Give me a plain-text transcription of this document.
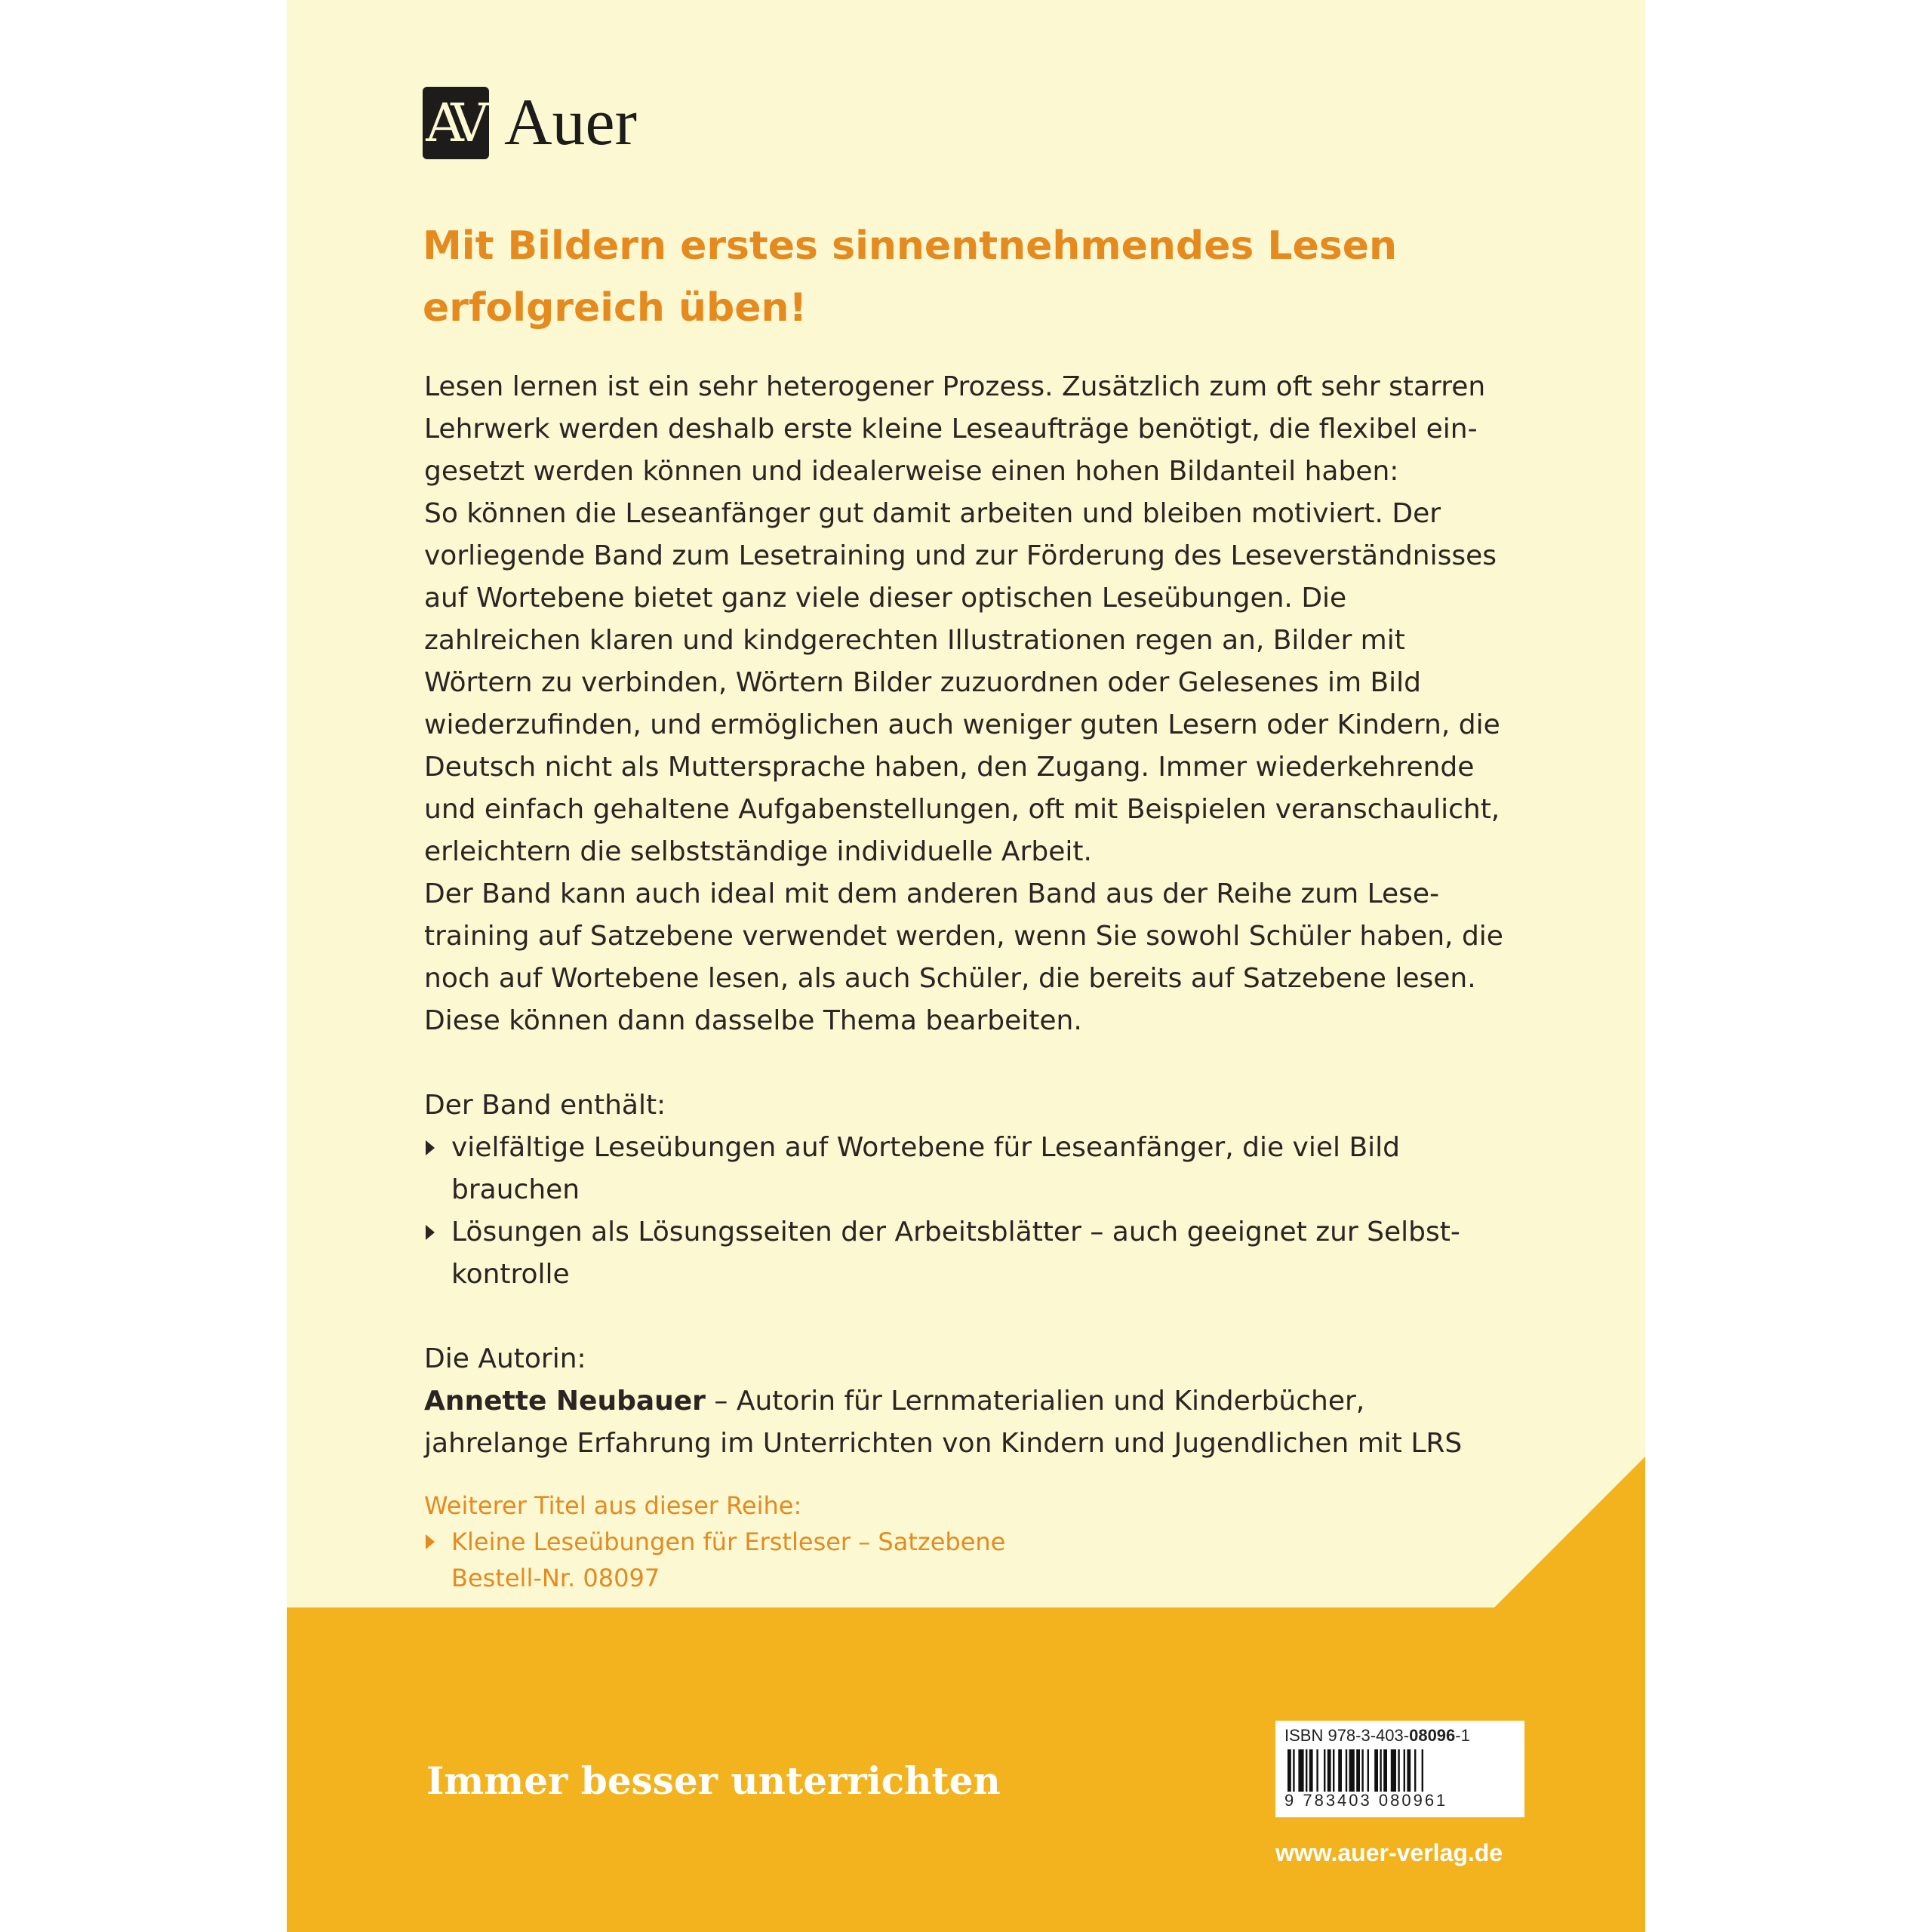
AV Auer
Mit Bildern erstes sinnentnehmendes Lesen erfolgreich üben!

Lesen lernen ist ein sehr heterogener Prozess. Zusätzlich zum oft sehr starren Lehrwerk werden deshalb erste kleine Leseaufträge benötigt, die flexibel eingesetzt werden können und idealerweise einen hohen Bildanteil haben:

So können die Leseanfänger gut damit arbeiten und bleiben motiviert. Der vorliegende Band zum Lesetraining und zur Förderung des Leseverständnisses auf Wortebene bietet ganz viele dieser optischen Leseübungen. Die zahlreichen klaren und kindgerechten Illustrationen regen an, Bilder mit Wörtern zu verbinden, Wörtern Bilder zuzuordnen oder Gelesenes im Bild wiederzufinden, und ermöglichen auch weniger guten Lesern oder Kindern, die Deutsch nicht als Muttersprache haben, den Zugang. Immer wiederkehrende und einfach gehaltene Aufgabenstellungen, oft mit Beispielen veranschaulicht, erleichtern die selbstständige individuelle Arbeit.

Der Band kann auch ideal mit dem anderen Band aus der Reihe zum Lesetraining auf Satzebene verwendet werden, wenn Sie sowohl Schüler haben, die noch auf Wortebene lesen, als auch Schüler, die bereits auf Satzebene lesen. Diese können dann dasselbe Thema bearbeiten.

Der Band enthält:

vielfältige Leseübungen auf Wortebene für Leseanfänger, die viel Bild brauchen
Lösungen als Lösungsseiten der Arbeitsblätter – auch geeignet zur Selbstkontrolle

Die Autorin:

Annette Neubauer – Autorin für Lernmaterialien und Kinderbücher, jahrelange Erfahrung im Unterrichten von Kindern und Jugendlichen mit LRS

Weiterer Titel aus dieser Reihe:
Kleine Leseübungen für Erstleser – Satzebene
Bestell-Nr. 08097
Immer besser unterrichten
ISBN 978-3-403-08096-1
9 783403 080961
www.auer-verlag.de
